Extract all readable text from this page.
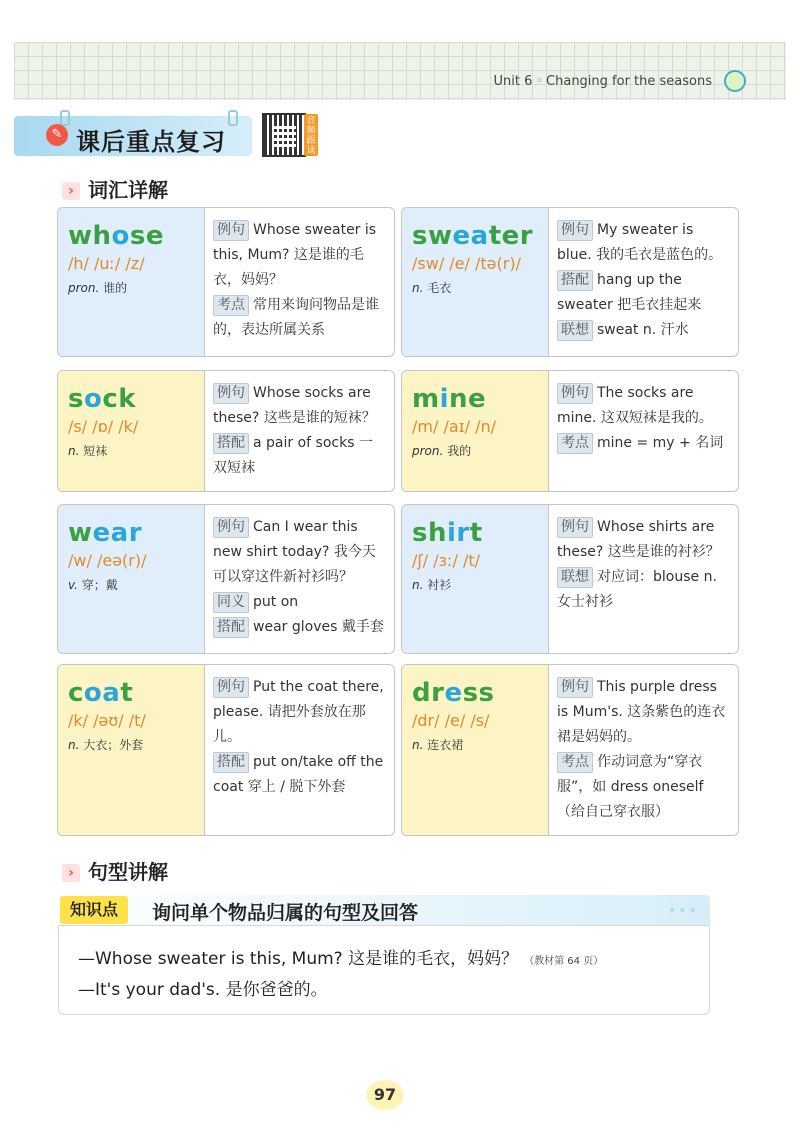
Unit 6 ◦ Changing for the seasons
✎ 课后重点复习
音频跟读
› 词汇详解
whose
/h/ /uː/ /z/
pron. 谁的
例句 Whose sweater is this, Mum? 这是谁的毛衣，妈妈？
考点 常用来询问物品是谁的，表达所属关系
sweater
/sw/ /e/ /tə(r)/
n. 毛衣
例句 My sweater is blue. 我的毛衣是蓝色的。
搭配 hang up the sweater 把毛衣挂起来
联想 sweat n. 汗水
sock
/s/ /ɒ/ /k/
n. 短袜
例句 Whose socks are these? 这些是谁的短袜？
搭配 a pair of socks 一双短袜
mine
/m/ /aɪ/ /n/
pron. 我的
例句 The socks are mine. 这双短袜是我的。
考点 mine = my + 名词
wear
/w/ /eə(r)/
v. 穿；戴
例句 Can I wear this new shirt today? 我今天可以穿这件新衬衫吗？
同义 put on
搭配 wear gloves 戴手套
shirt
/ʃ/ /ɜː/ /t/
n. 衬衫
例句 Whose shirts are these? 这些是谁的衬衫？
联想 对应词：blouse n. 女士衬衫
coat
/k/ /əʊ/ /t/
n. 大衣；外套
例句 Put the coat there, please. 请把外套放在那儿。
搭配 put on/take off the coat 穿上 / 脱下外套
dress
/dr/ /e/ /s/
n. 连衣裙
例句 This purple dress is Mum's. 这条紫色的连衣裙是妈妈的。
考点 作动词意为“穿衣服”，如 dress oneself（给自己穿衣服）
› 句型讲解
知识点	询问单个物品归属的句型及回答	•••
—Whose sweater is this, Mum? 这是谁的毛衣，妈妈？ （教材第 64 页）
—It's your dad's. 是你爸爸的。
97
